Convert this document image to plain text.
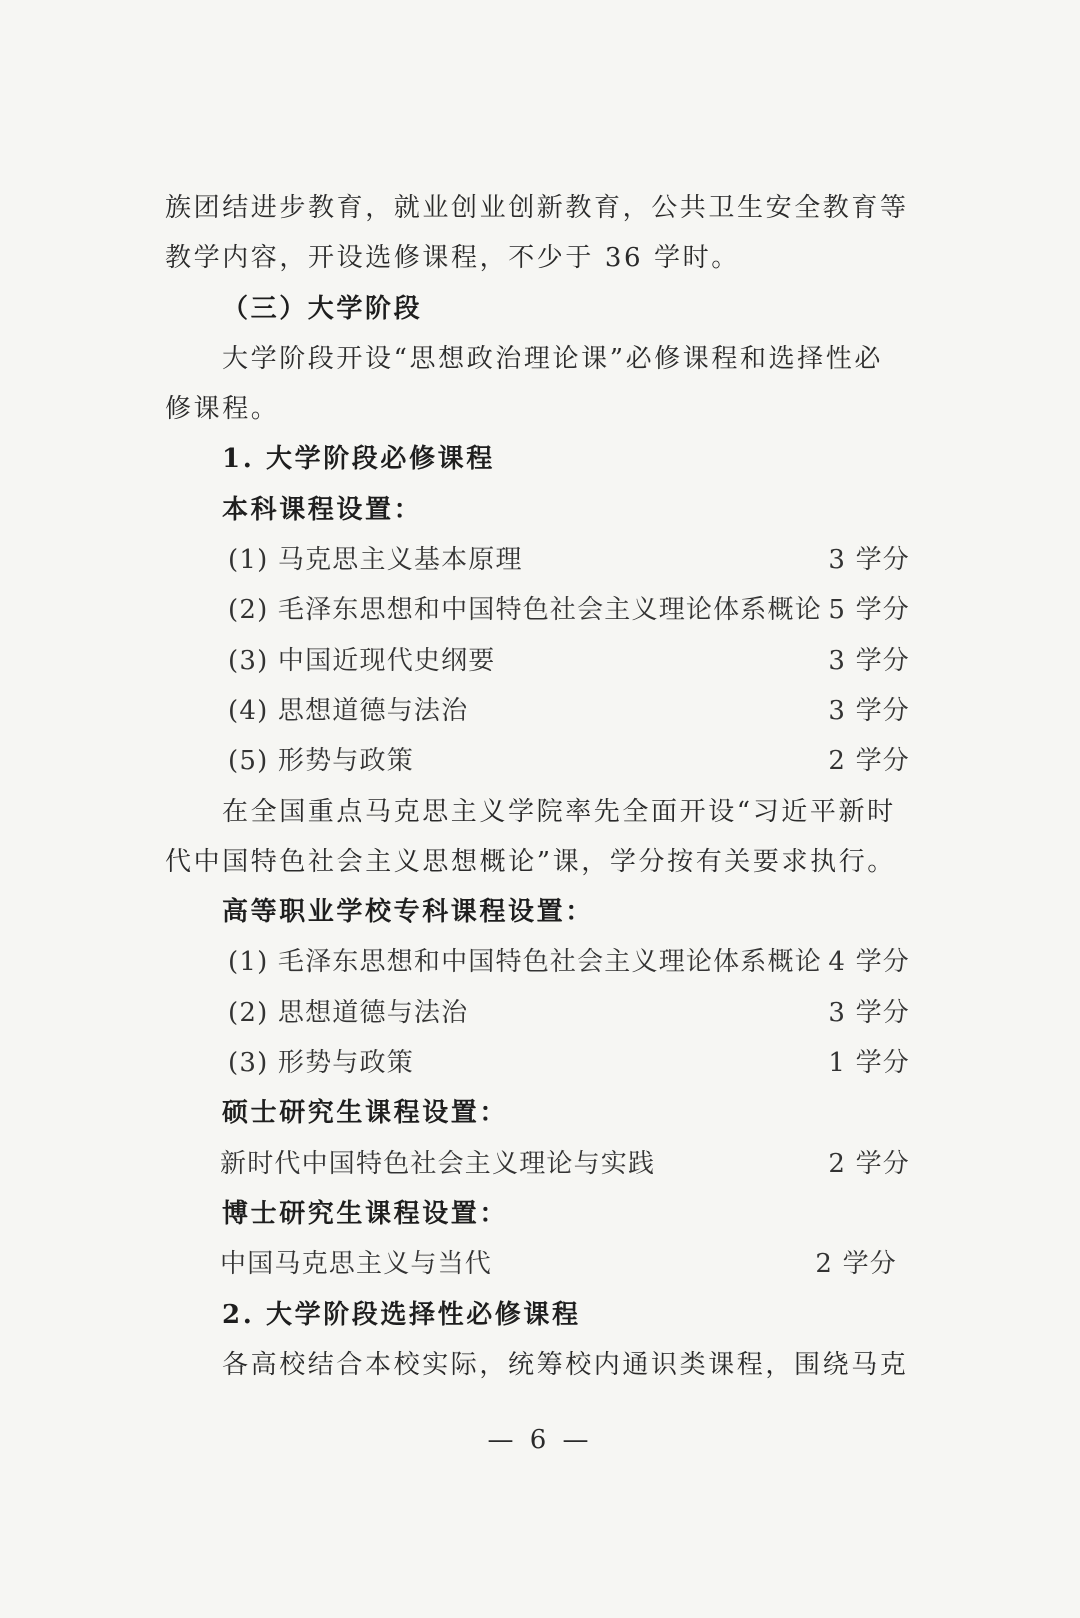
族团结进步教育，就业创业创新教育，公共卫生安全教育等
教学内容，开设选修课程，不少于 36 学时。
（三）大学阶段
大学阶段开设“思想政治理论课”必修课程和选择性必
修课程。
1. 大学阶段必修课程
本科课程设置：
(1) 马克思主义基本原理	3 学分
(2) 毛泽东思想和中国特色社会主义理论体系概论 5 学分
(3) 中国近现代史纲要	3 学分
(4) 思想道德与法治	3 学分
(5) 形势与政策	2 学分
在全国重点马克思主义学院率先全面开设“习近平新时
代中国特色社会主义思想概论”课，学分按有关要求执行。
高等职业学校专科课程设置：
(1) 毛泽东思想和中国特色社会主义理论体系概论 4 学分
(2) 思想道德与法治	3 学分
(3) 形势与政策	1 学分
硕士研究生课程设置：
新时代中国特色社会主义理论与实践	2 学分
博士研究生课程设置：
中国马克思主义与当代	2 学分
2. 大学阶段选择性必修课程
各高校结合本校实际，统筹校内通识类课程，围绕马克
— 6 —
